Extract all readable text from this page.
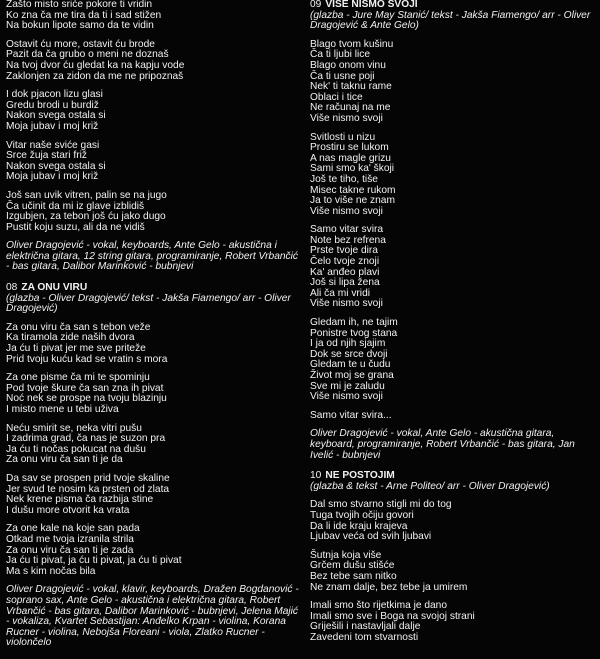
Zašto misto sriće pokore ti vridin
Ko zna ča me tira da ti i sad stižen
Na bokun lipote samo da te vidin
Ostavit ću more, ostavit ću brode
Pazit da ča grubo o meni ne doznaš
Na tvoj dvor ću gledat ka na kapju vode
Zaklonjen za zidon da me ne pripoznaš
I dok pjacon lizu glasi
Gredu brodi u burdiž
Nakon svega ostala si
Moja jubav i moj križ
Vitar naše sviće gasi
Srce žuja stari friž
Nakon svega ostala si
Moja jubav i moj križ
Još san uvik vitren, palin se na jugo
Ča učinit da mi iz glave izblidiš
Izgubjen, za tebon još ću jako dugo
Pustit koju suzu, ali da ne vidiš
Oliver Dragojević - vokal, keyboards, Ante Gelo - akustična i električna gitara, 12 string gitara, programiranje, Robert Vrbančić - bas gitara, Dalibor Marinković - bubnjevi
08 ZA ONU VIRU
(glazba - Oliver Dragojević/ tekst - Jakša Fiamengo/ arr - Oliver Dragojević)
Za onu viru ča san s tebon veže
Ka tiramola zide naših dvora
Ja ću ti pivat jer me sve priteže
Prid tvoju kuću kad se vratin s mora
Za one pisme ča mi te spominju
Pod tvoje škure ča san zna ih pivat
Noć nek se prospe na tvoju blazinju
I misto mene u tebi uživa
Neću smirit se, neka vitri pušu
I zadrima grad, ča nas je suzon pra
Ja ću ti nočas pokucat na dušu
Za onu viru ča san ti je da
Da sav se prospen prid tvoje skaline
Jer svud te nosim ka prsten od zlata
Nek krene pisma ča razbija stine
I dušu more otvorit ka vrata
Za one kale na koje san pada
Otkad me tvoja izranila strila
Za onu viru ča san ti je zada
Ja ću ti pivat, ja ću ti pivat, ja ću ti pivat
Ma s kim nočas bila
Oliver Dragojević - vokal, klavir, keyboards, Dražen Bogdanović - soprano sax, Ante Gelo - akustična i električna gitara, Robert Vrbančić - bas gitara, Dalibor Marinković - bubnjevi, Jelena Majić - vokaliza, Kvartet Sebastijan: Anđelko Krpan - violina, Korana Rucner - violina, Nebojša Floreani - viola, Zlatko Rucner - violončelo
09 VIŠE NISMO SVOJI
(glazba - Jure May Stanić/ tekst - Jakša Fiamengo/ arr - Oliver Dragojević & Ante Gelo)
Blago tvom kušinu
Ča ti ljubi lice
Blago onom vinu
Ča ti usne poji
Nek' ti taknu rame
Oblaci i tice
Ne računaj na me
Više nismo svoji
Svitlosti u nizu
Prostiru se lukom
A nas magle grizu
Sami smo ka' škoji
Još te tiho, tiše
Misec takne rukom
Ja to više ne znam
Više nismo svoji
Samo vitar svira
Note bez refrena
Prste tvoje dira
Čelo tvoje znoji
Ka' anđeo plavi
Još si lipa žena
Ali ča mi vridi
Više nismo svoji
Gledam ih, ne tajim
Ponistre tvog stana
I ja od njih sjajim
Dok se srce dvoji
Gledam te u čudu
Život moj se grana
Sve mi je zaludu
Više nismo svoji
Samo vitar svira...
Oliver Dragojević - vokal, Ante Gelo - akustična gitara, keyboard, programiranje, Robert Vrbančić - bas gitara, Jan Ivelić - bubnjevi
10 NE POSTOJIM
(glazba & tekst - Arne Politeo/ arr - Oliver Dragojević)
Dal smo stvarno stigli mi do tog
Tuga tvojih očiju govori
Da li ide kraju krajeva
Ljubav veća od svih ljubavi
Šutnja koja više
Grčem dušu stišće
Bez tebe sam nitko
Ne znam dalje, bez tebe ja umirem
Imali smo što rijetkima je dano
Imali smo sve i Boga na svojoj strani
Griješili i nastavljali dalje
Zavedeni tom stvarnosti
